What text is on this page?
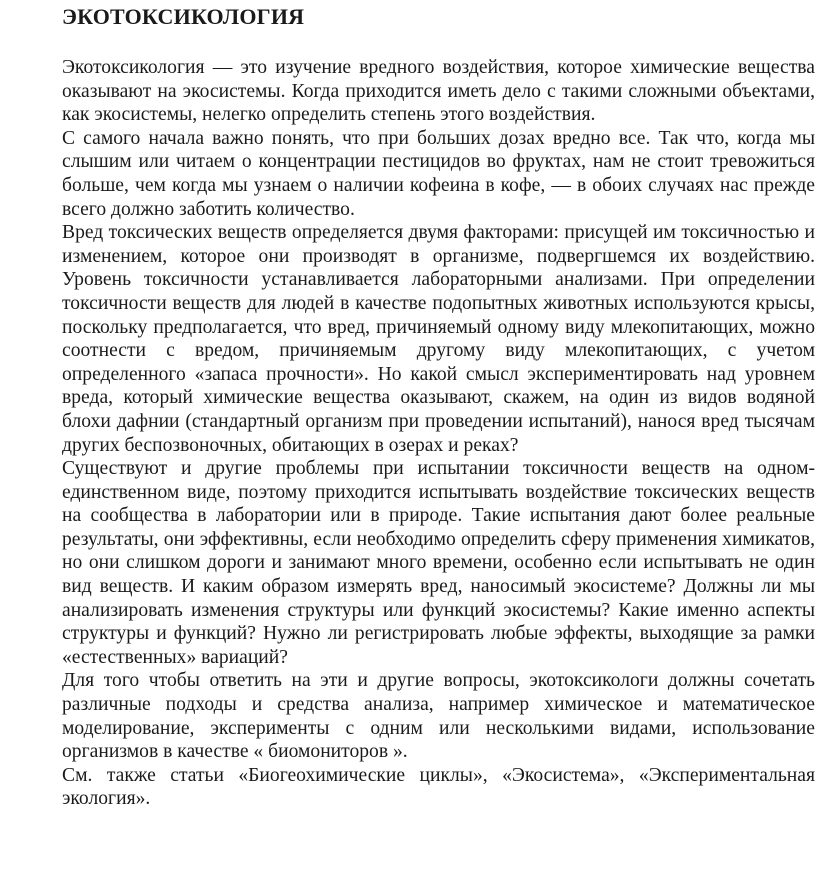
ЭКОТОКСИКОЛОГИЯ

Экотоксикология — это изучение вредного воздействия, которое химические вещества оказывают на экосистемы. Когда приходится иметь дело с такими сложными объектами, как экосистемы, нелегко определить степень этого воздействия.

С самого начала важно понять, что при больших дозах вредно все. Так что, когда мы слышим или читаем о концентрации пестицидов во фруктах, нам не стоит тревожиться больше, чем когда мы узнаем о наличии кофеина в кофе, — в обоих случаях нас прежде всего должно заботить количество.

Вред токсических веществ определяется двумя факторами: присущей им токсичностью и изменением, которое они производят в организме, подвергшемся их воздействию. Уровень токсичности устанавливается лабораторными анализами. При определении токсичности веществ для людей в качестве подопытных животных используются крысы, поскольку предполагается, что вред, причиняемый одному виду млекопитающих, можно соотнести с вредом, причиняемым другому виду млекопитающих, с учетом определенного «запаса прочности». Но какой смысл экспериментировать над уровнем вреда, который химические вещества оказывают, скажем, на один из видов водяной блохи дафнии (стандартный организм при проведении испытаний), нанося вред тысячам других беспозвоночных, обитающих в озерах и реках?

Существуют и другие проблемы при испытании токсичности веществ на одном-единственном виде, поэтому приходится испытывать воздействие токсических веществ на сообщества в лаборатории или в природе. Такие испытания дают более реальные результаты, они эффективны, если необходимо определить сферу применения химикатов, но они слишком дороги и занимают много времени, особенно если испытывать не один вид веществ. И каким образом измерять вред, наносимый экосистеме? Должны ли мы анализировать изменения структуры или функций экосистемы? Какие именно аспекты структуры и функций? Нужно ли регистрировать любые эффекты, выходящие за рамки «естественных» вариаций?

Для того чтобы ответить на эти и другие вопросы, экотоксикологи должны сочетать различные подходы и средства анализа, например химическое и математическое моделирование, эксперименты с одним или несколькими видами, использование организмов в качестве « биомониторов ».

См. также статьи «Биогеохимические циклы», «Экосистема», «Экспериментальная экология».
